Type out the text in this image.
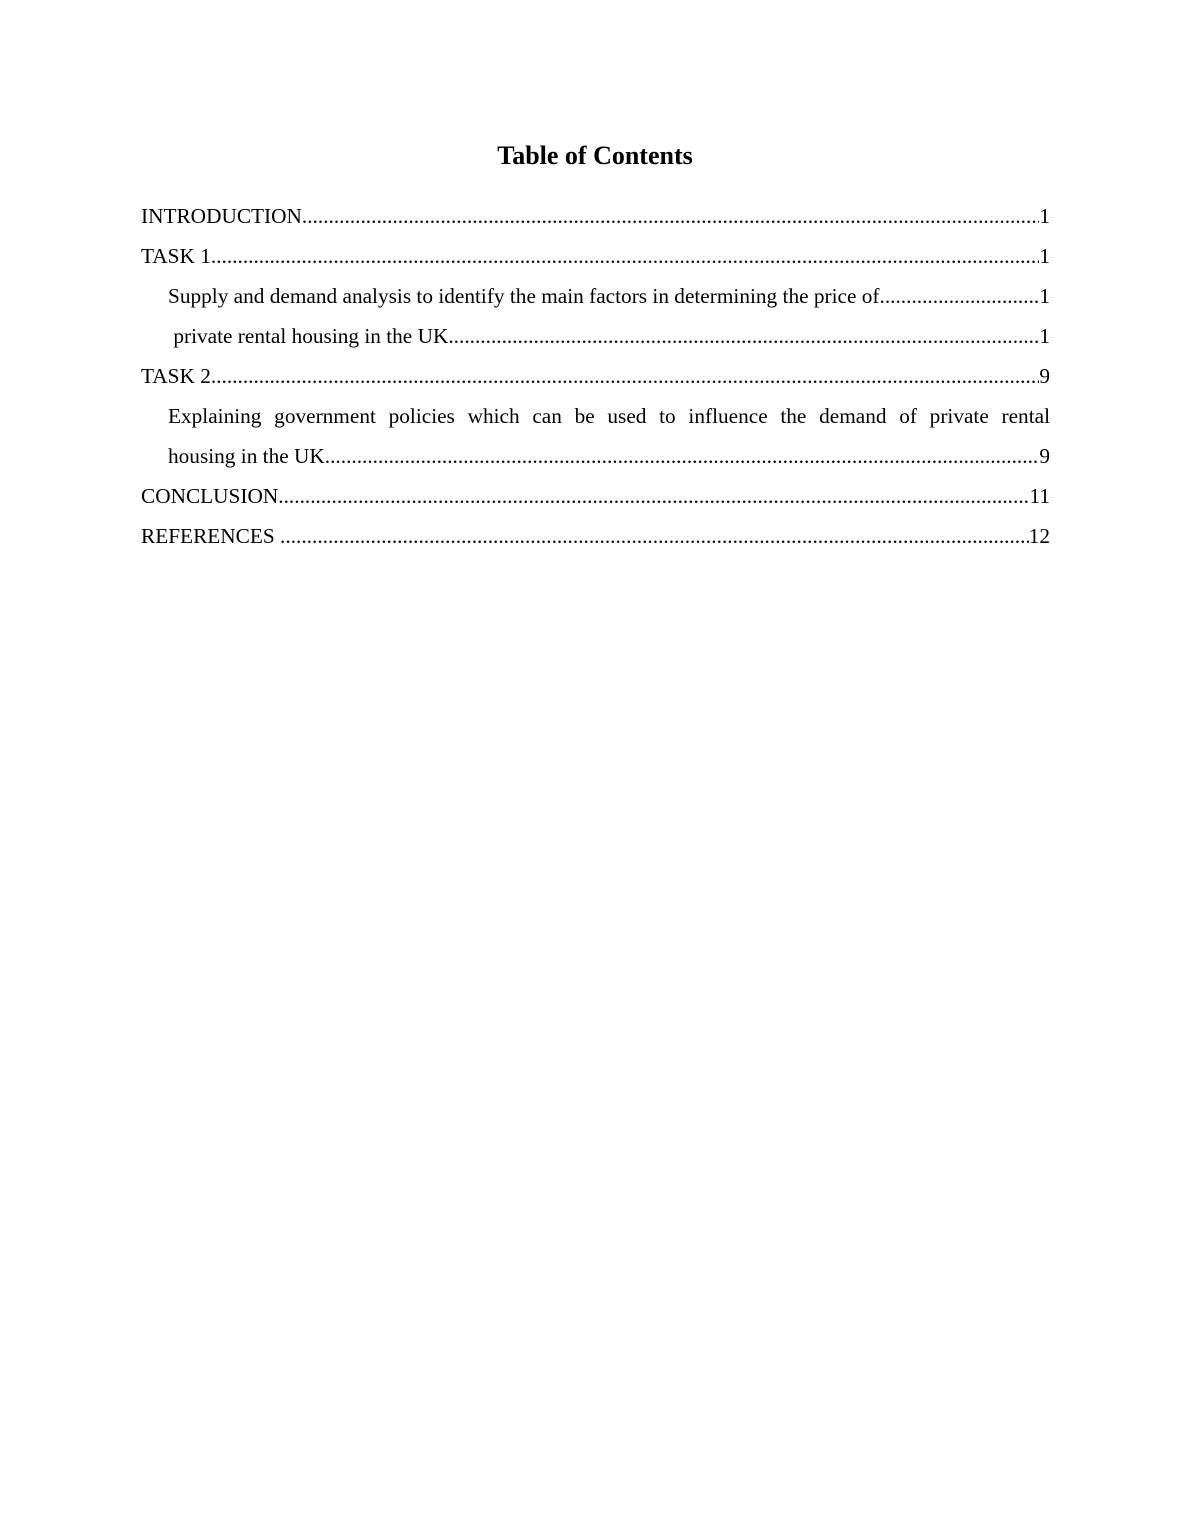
Table of Contents
INTRODUCTION .....	1
TASK 1 .....	1
Supply and demand analysis to identify the main factors in determining the price of .....	1
private rental housing in the UK .....	1
TASK 2 .....	9
Explaining government policies which can be used to influence the demand of private rental
housing in the UK .....	9
CONCLUSION .....	11
REFERENCES .....	12
